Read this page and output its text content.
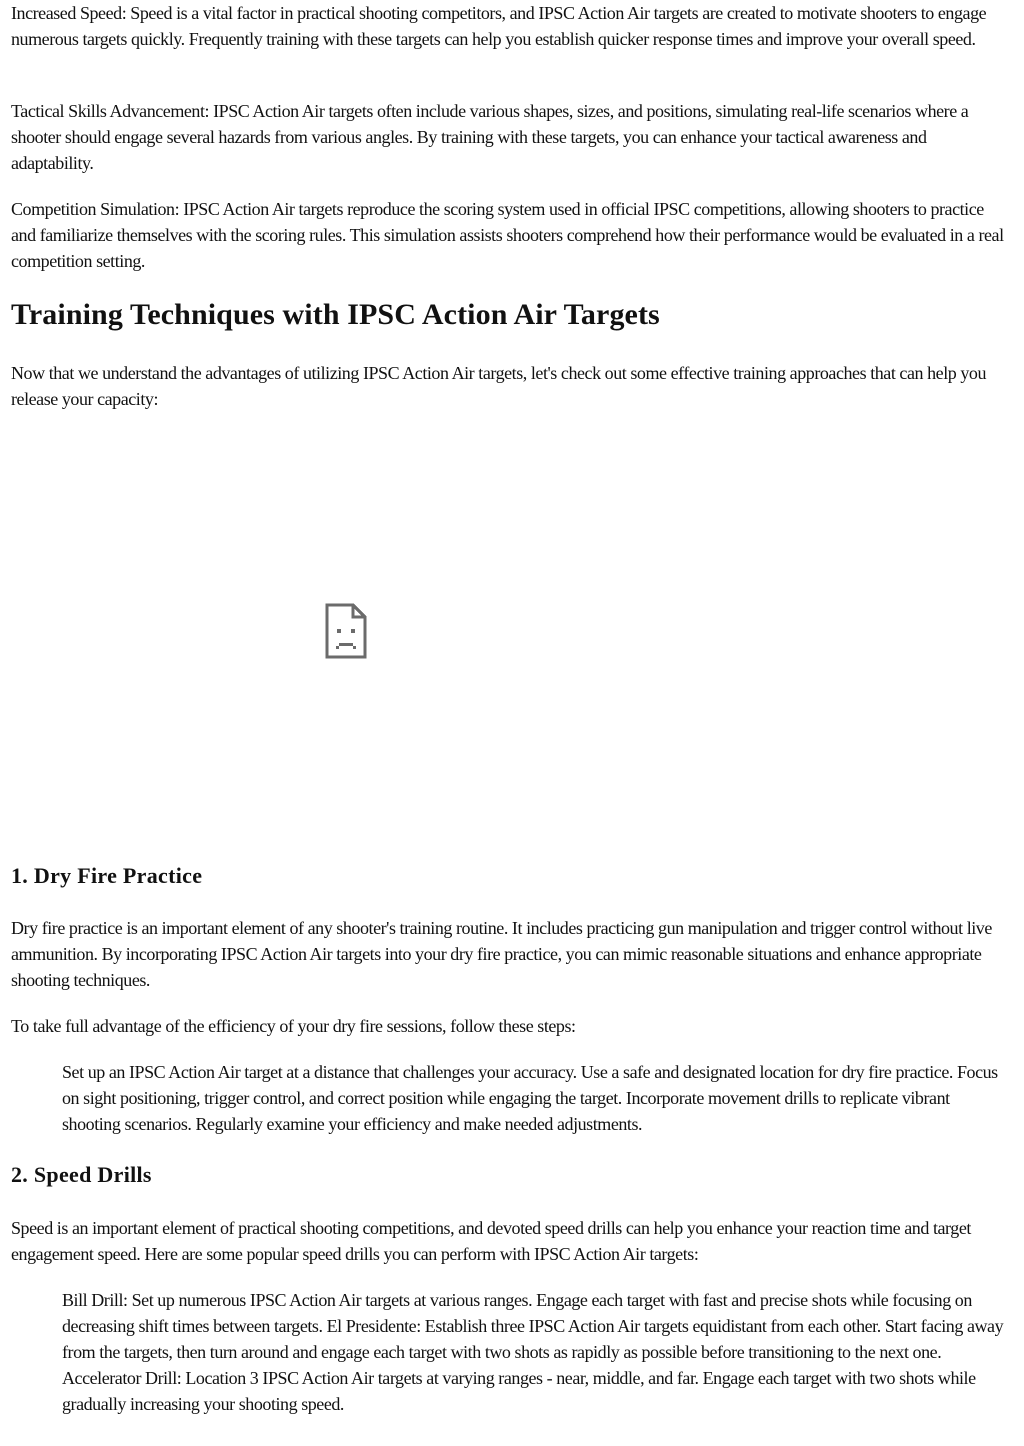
Increased Speed: Speed is a vital factor in practical shooting competitors, and IPSC Action Air targets are created to motivate shooters to engage numerous targets quickly. Frequently training with these targets can help you establish quicker response times and improve your overall speed.

Tactical Skills Advancement: IPSC Action Air targets often include various shapes, sizes, and positions, simulating real-life scenarios where a shooter should engage several hazards from various angles. By training with these targets, you can enhance your tactical awareness and adaptability.

Competition Simulation: IPSC Action Air targets reproduce the scoring system used in official IPSC competitions, allowing shooters to practice and familiarize themselves with the scoring rules. This simulation assists shooters comprehend how their performance would be evaluated in a real competition setting.

Training Techniques with IPSC Action Air Targets

Now that we understand the advantages of utilizing IPSC Action Air targets, let's check out some effective training approaches that can help you release your capacity:

1. Dry Fire Practice

Dry fire practice is an important element of any shooter's training routine. It includes practicing gun manipulation and trigger control without live ammunition. By incorporating IPSC Action Air targets into your dry fire practice, you can mimic reasonable situations and enhance appropriate shooting techniques.

To take full advantage of the efficiency of your dry fire sessions, follow these steps:

Set up an IPSC Action Air target at a distance that challenges your accuracy. Use a safe and designated location for dry fire practice. Focus on sight positioning, trigger control, and correct position while engaging the target. Incorporate movement drills to replicate vibrant shooting scenarios. Regularly examine your efficiency and make needed adjustments.

2. Speed Drills

Speed is an important element of practical shooting competitions, and devoted speed drills can help you enhance your reaction time and target engagement speed. Here are some popular speed drills you can perform with IPSC Action Air targets:

Bill Drill: Set up numerous IPSC Action Air targets at various ranges. Engage each target with fast and precise shots while focusing on decreasing shift times between targets. El Presidente: Establish three IPSC Action Air targets equidistant from each other. Start facing away from the targets, then turn around and engage each target with two shots as rapidly as possible before transitioning to the next one. Accelerator Drill: Location 3 IPSC Action Air targets at varying ranges - near, middle, and far. Engage each target with two shots while gradually increasing your shooting speed.
